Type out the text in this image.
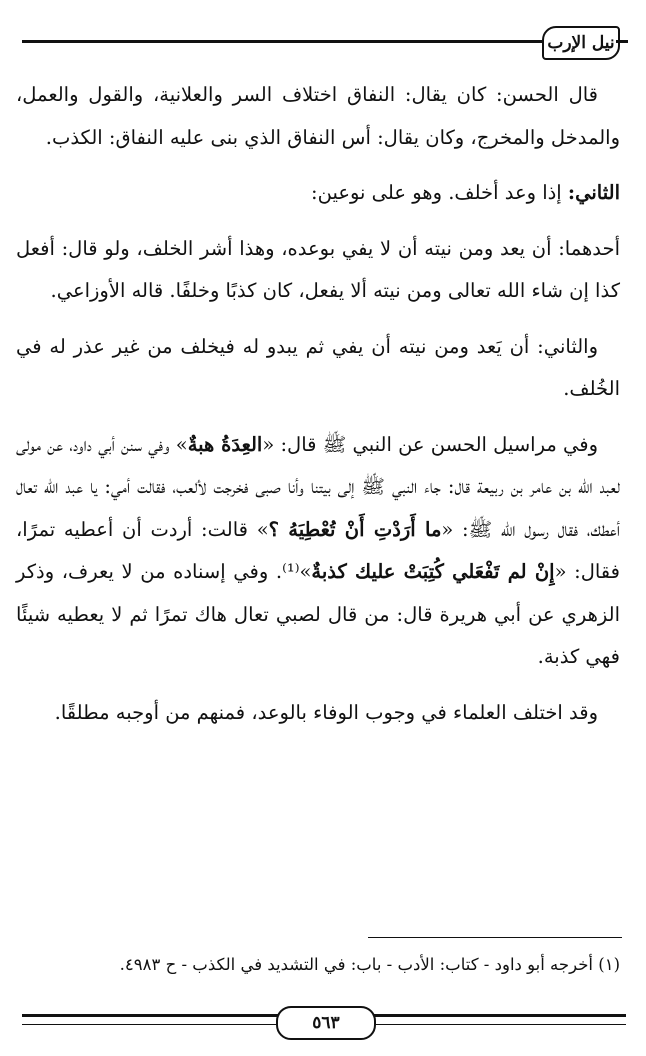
نيل الإرب

قال الحسن: كان يقال: النفاق اختلاف السر والعلانية، والقول والعمل، والمدخل والمخرج، وكان يقال: أس النفاق الذي بنى عليه النفاق: الكذب.

الثاني: إذا وعد أخلف. وهو على نوعين:

أحدهما: أن يعد ومن نيته أن لا يفي بوعده، وهذا أشر الخلف، ولو قال: أفعل كذا إن شاء الله تعالى ومن نيته ألا يفعل، كان كذبًا وخلفًا. قاله الأوزاعي.

والثاني: أن يَعد ومن نيته أن يفي ثم يبدو له فيخلف من غير عذر له في الخُلف.

وفي مراسيل الحسن عن النبي ﷺ قال: «العِدَةُ هبةٌ» وفي سنن أبي داود، عن مولى لعبد الله بن عامر بن ربيعة قال: جاء النبي ﷺ إلى بيتنا وأنا صبى فخرجت لألعب، فقالت أمي: يا عبد الله تعال أعطك، فقال رسول الله ﷺ: «ما أَرَدْتِ أَنْ تُعْطِيَهُ ؟» قالت: أردت أن أعطيه تمرًا، فقال: «إِنْ لم تَفْعَلي كُتِبَتْ عليك كذبةٌ»⁽¹⁾. وفي إسناده من لا يعرف، وذكر الزهري عن أبي هريرة قال: من قال لصبي تعال هاك تمرًا ثم لا يعطيه شيئًا فهي كذبة.

وقد اختلف العلماء في وجوب الوفاء بالوعد، فمنهم من أوجبه مطلقًا.

(١) أخرجه أبو داود - كتاب: الأدب - باب: في التشديد في الكذب - ح ٤٩٨٣.
٥٦٣
